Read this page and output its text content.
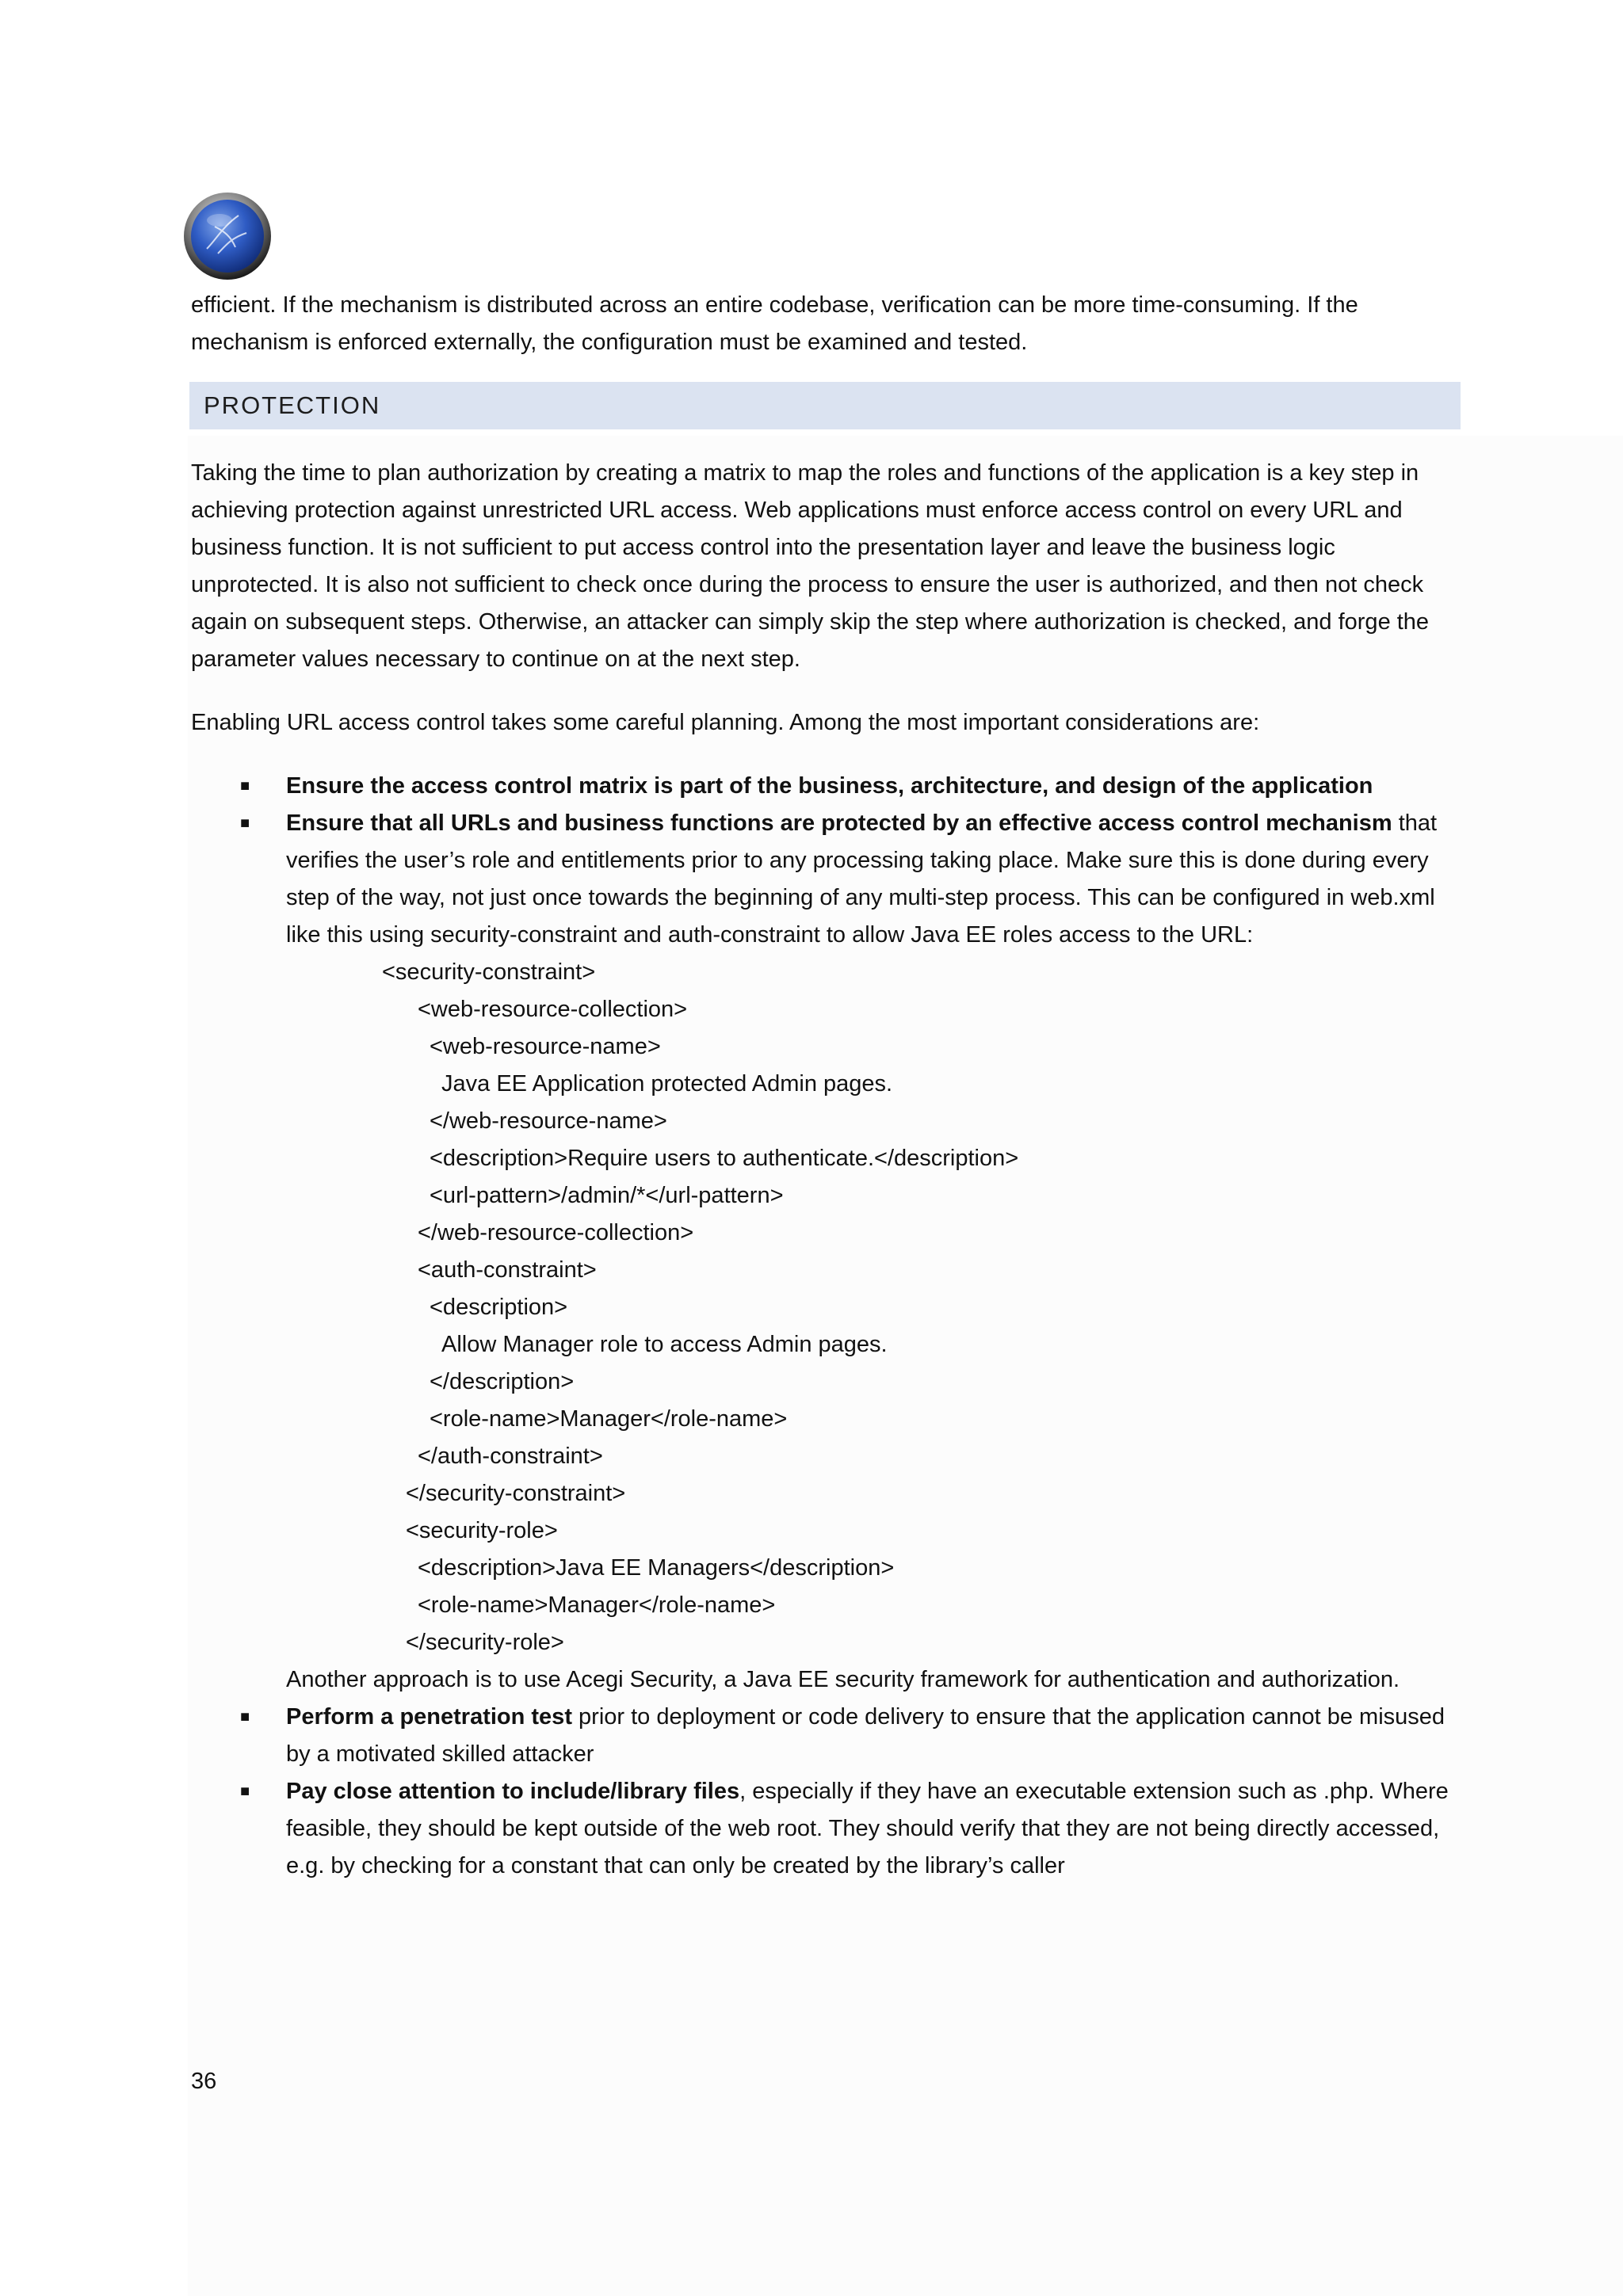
efficient. If the mechanism is distributed across an entire codebase, verification can be more time-consuming. If the mechanism is enforced externally, the configuration must be examined and tested.

PROTECTION

Taking the time to plan authorization by creating a matrix to map the roles and functions of the application is a key step in achieving protection against unrestricted URL access. Web applications must enforce access control on every URL and business function. It is not sufficient to put access control into the presentation layer and leave the business logic unprotected. It is also not sufficient to check once during the process to ensure the user is authorized, and then not check again on subsequent steps. Otherwise, an attacker can simply skip the step where authorization is checked, and forge the parameter values necessary to continue on at the next step.

Enabling URL access control takes some careful planning. Among the most important considerations are:

■ Ensure the access control matrix is part of the business, architecture, and design of the application
■ Ensure that all URLs and business functions are protected by an effective access control mechanism that verifies the user’s role and entitlements prior to any processing taking place. Make sure this is done during every step of the way, not just once towards the beginning of any multi-step process. This can be configured in web.xml like this using security-constraint and auth-constraint to allow Java EE roles access to the URL:
<security-constraint>
<web-resource-collection>
<web-resource-name>
Java EE Application protected Admin pages.
</web-resource-name>
<description>Require users to authenticate.</description>
<url-pattern>/admin/*</url-pattern>
</web-resource-collection>
<auth-constraint>
<description>
Allow Manager role to access Admin pages.
</description>
<role-name>Manager</role-name>
</auth-constraint>
</security-constraint>
<security-role>
<description>Java EE Managers</description>
<role-name>Manager</role-name>
</security-role>
Another approach is to use Acegi Security, a Java EE security framework for authentication and authorization.
■ Perform a penetration test prior to deployment or code delivery to ensure that the application cannot be misused by a motivated skilled attacker
■ Pay close attention to include/library files, especially if they have an executable extension such as .php. Where feasible, they should be kept outside of the web root. They should verify that they are not being directly accessed, e.g. by checking for a constant that can only be created by the library’s caller
36
